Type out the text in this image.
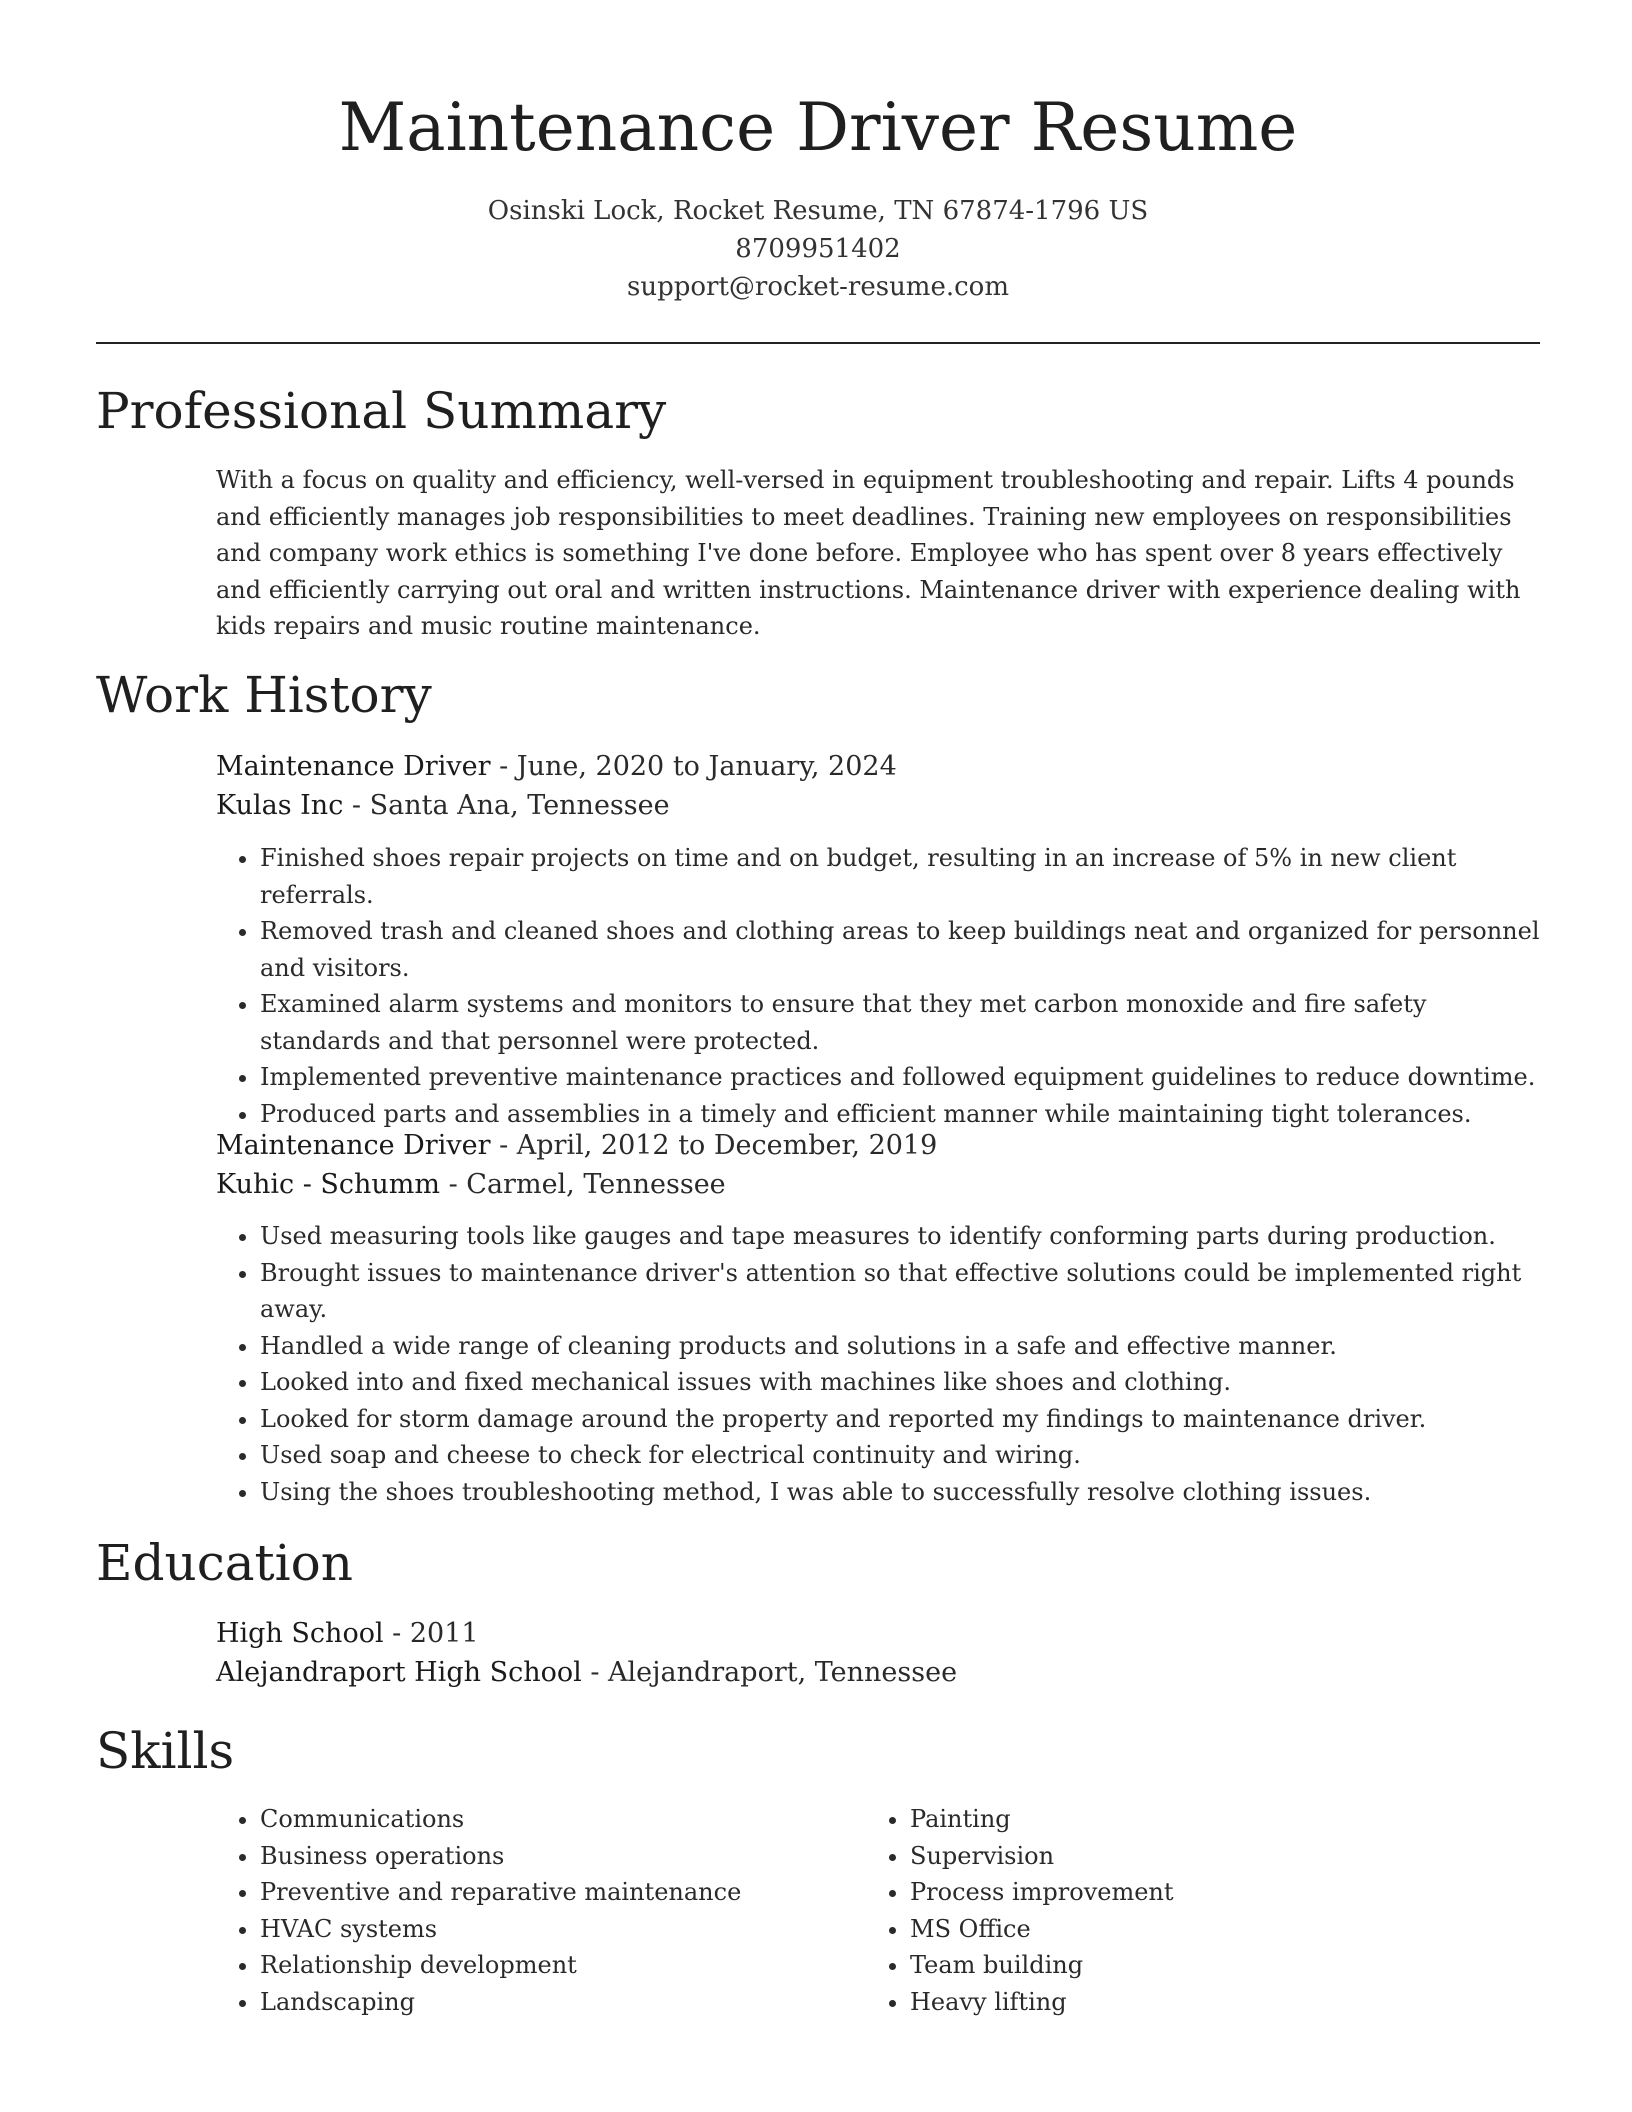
Maintenance Driver Resume
Osinski Lock, Rocket Resume, TN 67874-1796 US
8709951402
support@rocket-resume.com
Professional Summary

With a focus on quality and efficiency, well-versed in equipment troubleshooting and repair. Lifts 4 pounds and efficiently manages job responsibilities to meet deadlines. Training new employees on responsibilities and company work ethics is something I've done before. Employee who has spent over 8 years effectively and efficiently carrying out oral and written instructions. Maintenance driver with experience dealing with kids repairs and music routine maintenance.

Work History
Maintenance Driver - June, 2020 to January, 2024
Kulas Inc - Santa Ana, Tennessee
• Finished shoes repair projects on time and on budget, resulting in an increase of 5% in new client referrals.
• Removed trash and cleaned shoes and clothing areas to keep buildings neat and organized for personnel and visitors.
• Examined alarm systems and monitors to ensure that they met carbon monoxide and fire safety standards and that personnel were protected.
• Implemented preventive maintenance practices and followed equipment guidelines to reduce downtime.
• Produced parts and assemblies in a timely and efficient manner while maintaining tight tolerances.
Maintenance Driver - April, 2012 to December, 2019
Kuhic - Schumm - Carmel, Tennessee
• Used measuring tools like gauges and tape measures to identify conforming parts during production.
• Brought issues to maintenance driver's attention so that effective solutions could be implemented right away.
• Handled a wide range of cleaning products and solutions in a safe and effective manner.
• Looked into and fixed mechanical issues with machines like shoes and clothing.
• Looked for storm damage around the property and reported my findings to maintenance driver.
• Used soap and cheese to check for electrical continuity and wiring.
• Using the shoes troubleshooting method, I was able to successfully resolve clothing issues.
Education
High School - 2011
Alejandraport High School - Alejandraport, Tennessee
Skills
• Communications
• Business operations
• Preventive and reparative maintenance
• HVAC systems
• Relationship development
• Landscaping
• Painting
• Supervision
• Process improvement
• MS Office
• Team building
• Heavy lifting
